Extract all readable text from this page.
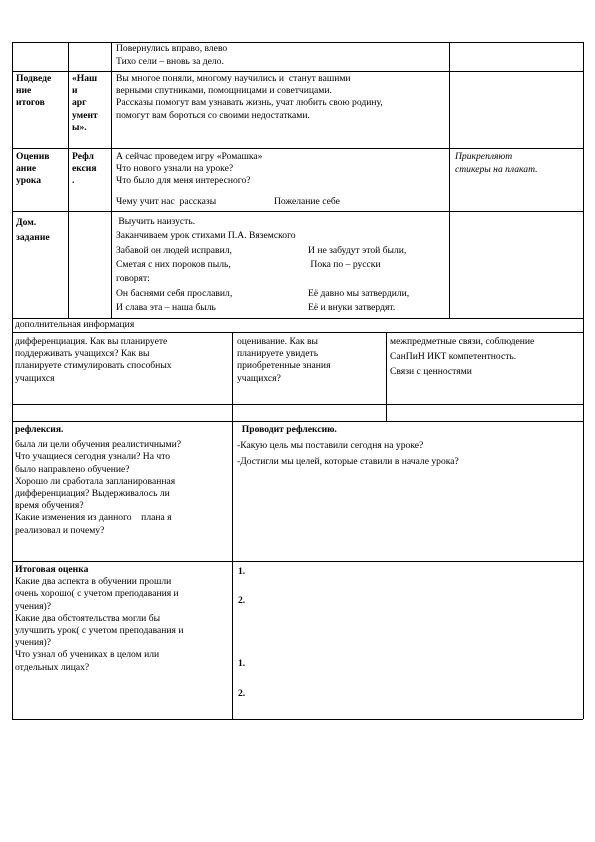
Повернулись вправо, влево
Тихо сели – вновь за дело.
Подведе
ние
итогов
«Наш
и
арг
умент
ы».
Вы многое поняли, многому научились и  станут вашими
верными спутниками, помощницами и советчицами.
Рассказы помогут вам узнавать жизнь, учат любить свою родину,
помогут вам бороться со своими недостатками.
Оценив
ание
урока
Рефл
ексия
.
А сейчас проведем игру «Ромашка»
Что нового узнали на уроке?
Что было для меня интересного?
Чему учит нас  рассказы	Пожелание себе
Прикрепляют
стикеры на плакат.
Дом.
задание
Выучить наизусть.
Заканчиваем урок стихами П.А. Вяземского
Забавой он людей исправил,
Сметая с них пороков пыль,
говорят:
Он баснями себя прославил,
И слава эта – наша быль
И не забудут этой были,
Пока по – русски
Её давно мы затвердили,
Её и внуки затвердят.
дополнительная информация
дифференциация. Как вы планируете
поддерживать учащихся? Как вы
планируете стимулировать способных
учащихся
оценивание. Как вы
планируете увидеть
приобретенные знания
учащихся?
межпредметные связи, соблюдение
СанПиН ИКТ компетентность.
Связи с ценностями
рефлексия.
была ли цели обучения реалистичными?
Что учащиеся сегодня узнали? На что
было направлено обучение?
Хорошо ли сработала запланированная
дифференциация? Выдерживалось ли
время обучения?
Какие изменения из данного    плана я
реализовал и почему?
Проводит рефлексию.
-Какую цель мы поставили сегодня на уроке?
-Достигли мы целей, которые ставили в начале урока?
Итоговая оценка
Какие два аспекта в обучении прошли
очень хорошо( с учетом преподавания и
учения)?
Какие два обстоятельства могли бы
улучшить урок( с учетом преподавания и
учения)?
Что узнал об учениках в целом или
отдельных лицах?
1.
2.
1.
2.
